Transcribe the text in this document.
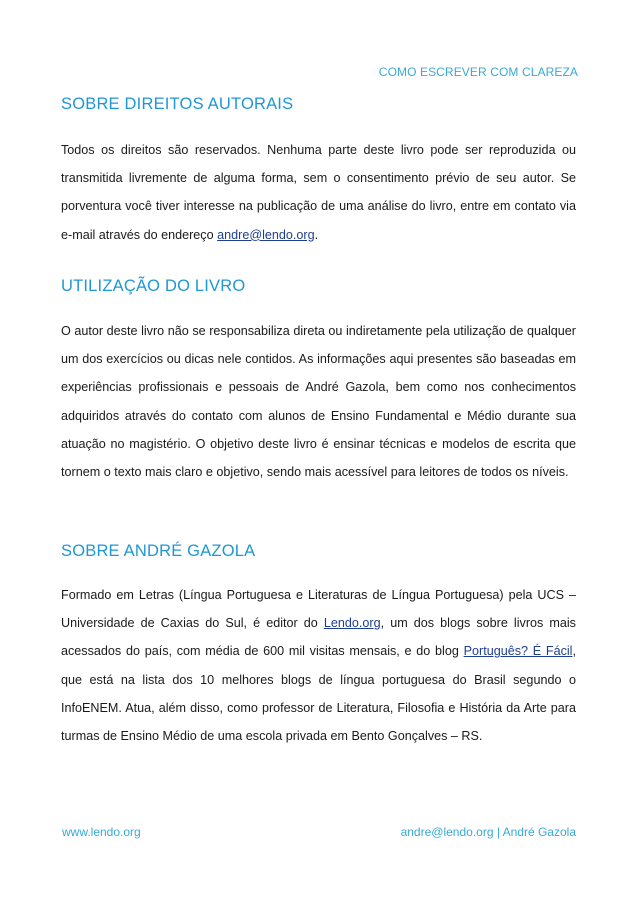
COMO ESCREVER COM CLAREZA
SOBRE DIREITOS AUTORAIS

Todos os direitos são reservados. Nenhuma parte deste livro pode ser reproduzida ou transmitida livremente de alguma forma, sem o consentimento prévio de seu autor. Se porventura você tiver interesse na publicação de uma análise do livro, entre em contato via e-mail através do endereço andre@lendo.org.

UTILIZAÇÃO DO LIVRO

O autor deste livro não se responsabiliza direta ou indiretamente pela utilização de qualquer um dos exercícios ou dicas nele contidos. As informações aqui presentes são baseadas em experiências profissionais e pessoais de André Gazola, bem como nos conhecimentos adquiridos através do contato com alunos de Ensino Fundamental e Médio durante sua atuação no magistério. O objetivo deste livro é ensinar técnicas e modelos de escrita que tornem o texto mais claro e objetivo, sendo mais acessível para leitores de todos os níveis.

SOBRE ANDRÉ GAZOLA

Formado em Letras (Língua Portuguesa e Literaturas de Língua Portuguesa) pela UCS – Universidade de Caxias do Sul, é editor do Lendo.org, um dos blogs sobre livros mais acessados do país, com média de 600 mil visitas mensais, e do blog Português? É Fácil, que está na lista dos 10 melhores blogs de língua portuguesa do Brasil segundo o InfoENEM. Atua, além disso, como professor de Literatura, Filosofia e História da Arte para turmas de Ensino Médio de uma escola privada em Bento Gonçalves – RS.

www.lendo.org	andre@lendo.org | André Gazola
